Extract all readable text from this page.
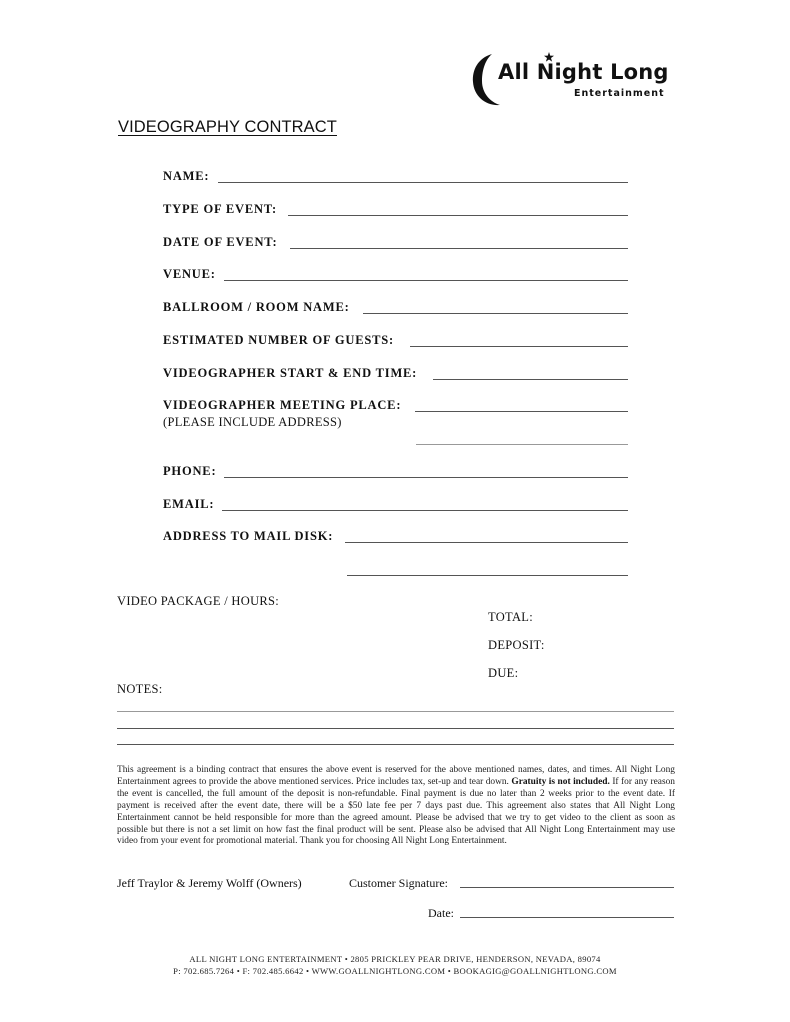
All Night Long
Entertainment
VIDEOGRAPHY CONTRACT
NAME:
TYPE OF EVENT:
DATE OF EVENT:
VENUE:
BALLROOM / ROOM NAME:
ESTIMATED NUMBER OF GUESTS:
VIDEOGRAPHER START & END TIME:
VIDEOGRAPHER MEETING PLACE:
(PLEASE INCLUDE ADDRESS)
PHONE:
EMAIL:
ADDRESS TO MAIL DISK:
VIDEO PACKAGE / HOURS:
TOTAL:
DEPOSIT:
DUE:
NOTES:
This agreement is a binding contract that ensures the above event is reserved for the above mentioned names, dates, and times. All Night Long Entertainment agrees to provide the above mentioned services. Price includes tax, set-up and tear down. Gratuity is not included. If for any reason the event is cancelled, the full amount of the deposit is non-refundable. Final payment is due no later than 2 weeks prior to the event date. If payment is received after the event date, there will be a $50 late fee per 7 days past due. This agreement also states that All Night Long Entertainment cannot be held responsible for more than the agreed amount. Please be advised that we try to get video to the client as soon as possible but there is not a set limit on how fast the final product will be sent. Please also be advised that All Night Long Entertainment may use video from your event for promotional material. Thank you for choosing All Night Long Entertainment.
Jeff Traylor & Jeremy Wolff (Owners)	Customer Signature:
Date:
ALL NIGHT LONG ENTERTAINMENT • 2805 PRICKLEY PEAR DRIVE, HENDERSON, NEVADA, 89074
P: 702.685.7264 • F: 702.485.6642 • WWW.GOALLNIGHTLONG.COM • BOOKAGIG@GOALLNIGHTLONG.COM
